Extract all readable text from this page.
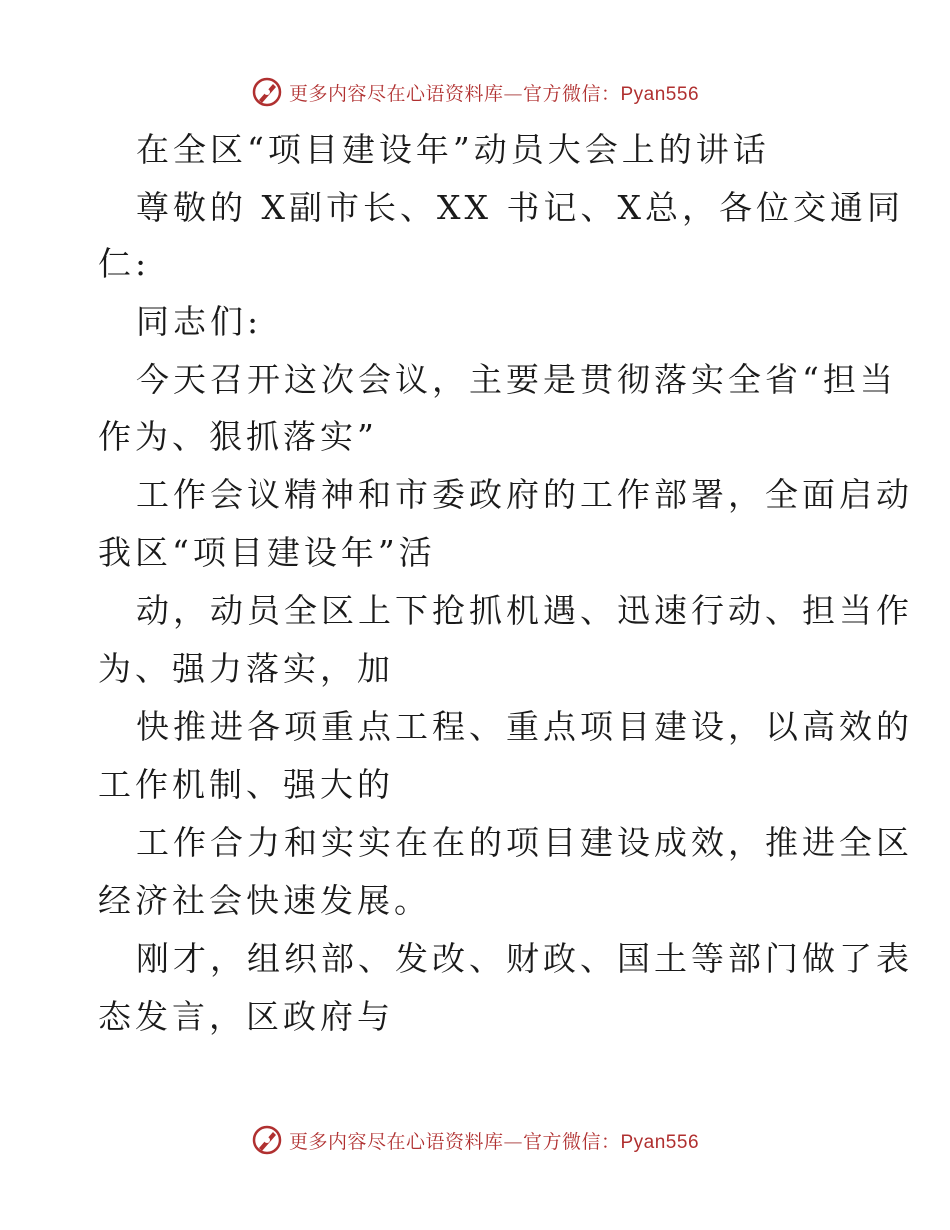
更多内容尽在心语资料库—官方微信：Pyan556
在全区“项目建设年”动员大会上的讲话
尊敬的 X副市长、XX 书记、X总，各位交通同
仁:
同志们:
今天召开这次会议，主要是贯彻落实全省“担当
作为、狠抓落实”
工作会议精神和市委政府的工作部署，全面启动
我区“项目建设年”活
动，动员全区上下抢抓机遇、迅速行动、担当作
为、强力落实，加
快推进各项重点工程、重点项目建设，以高效的
工作机制、强大的
工作合力和实实在在的项目建设成效，推进全区
经济社会快速发展。
刚才，组织部、发改、财政、国土等部门做了表
态发言，区政府与
更多内容尽在心语资料库—官方微信：Pyan556
